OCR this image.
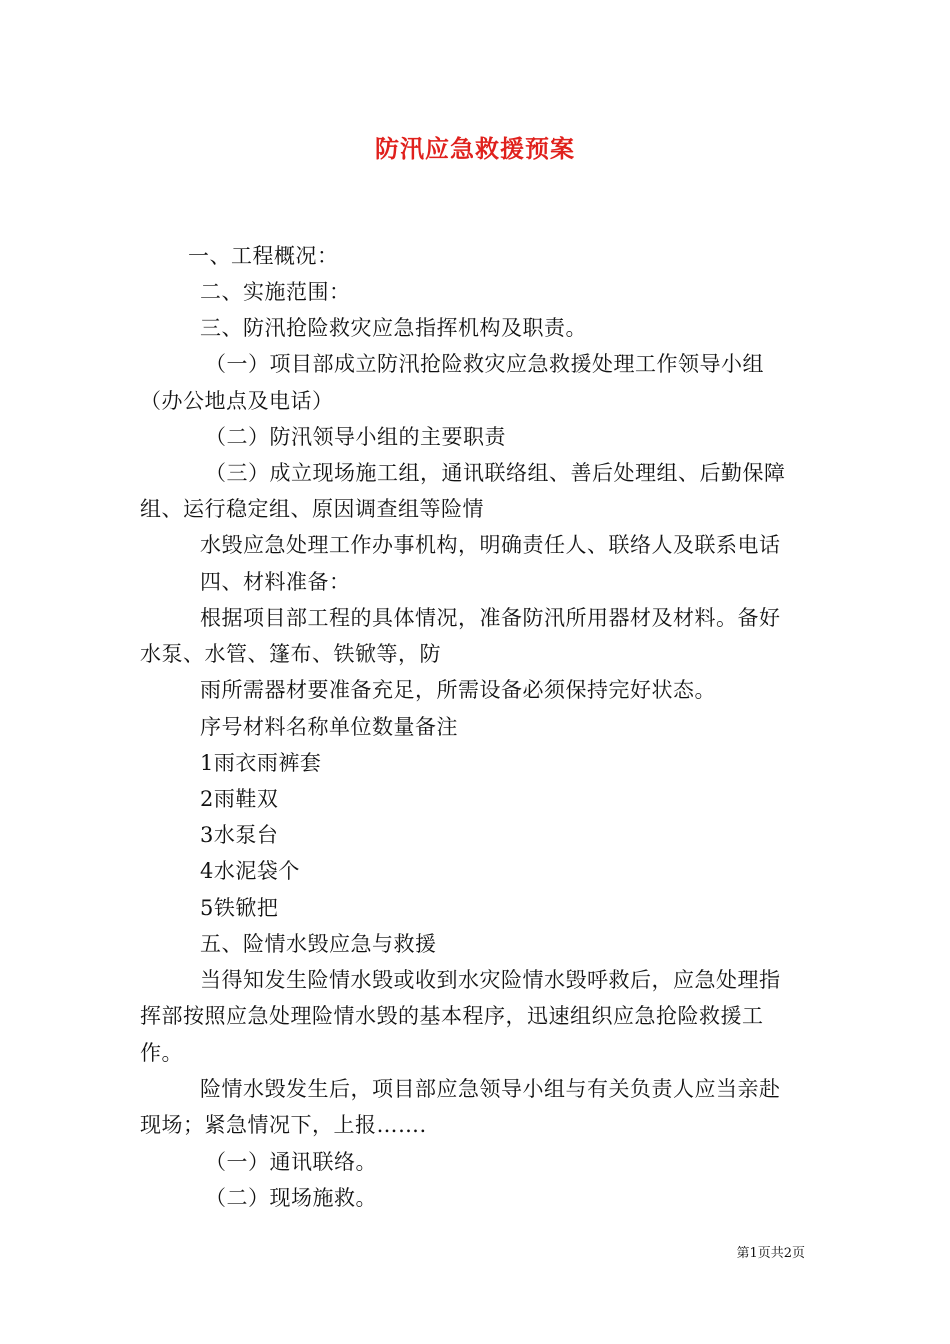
防汛应急救援预案
一、工程概况：
二、实施范围：
三、防汛抢险救灾应急指挥机构及职责。
（一）项目部成立防汛抢险救灾应急救援处理工作领导小组
（办公地点及电话）
（二）防汛领导小组的主要职责
（三）成立现场施工组，通讯联络组、善后处理组、后勤保障
组、运行稳定组、原因调查组等险情
水毁应急处理工作办事机构，明确责任人、联络人及联系电话
四、材料准备：
根据项目部工程的具体情况，准备防汛所用器材及材料。备好
水泵、水管、篷布、铁锨等，防
雨所需器材要准备充足，所需设备必须保持完好状态。
序号材料名称单位数量备注
1雨衣雨裤套
2雨鞋双
3水泵台
4水泥袋个
5铁锨把
五、险情水毁应急与救援
当得知发生险情水毁或收到水灾险情水毁呼救后，应急处理指
挥部按照应急处理险情水毁的基本程序，迅速组织应急抢险救援工
作。
险情水毁发生后，项目部应急领导小组与有关负责人应当亲赴
现场；紧急情况下，上报…….
（一）通讯联络。
（二）现场施救。
第1页共2页
